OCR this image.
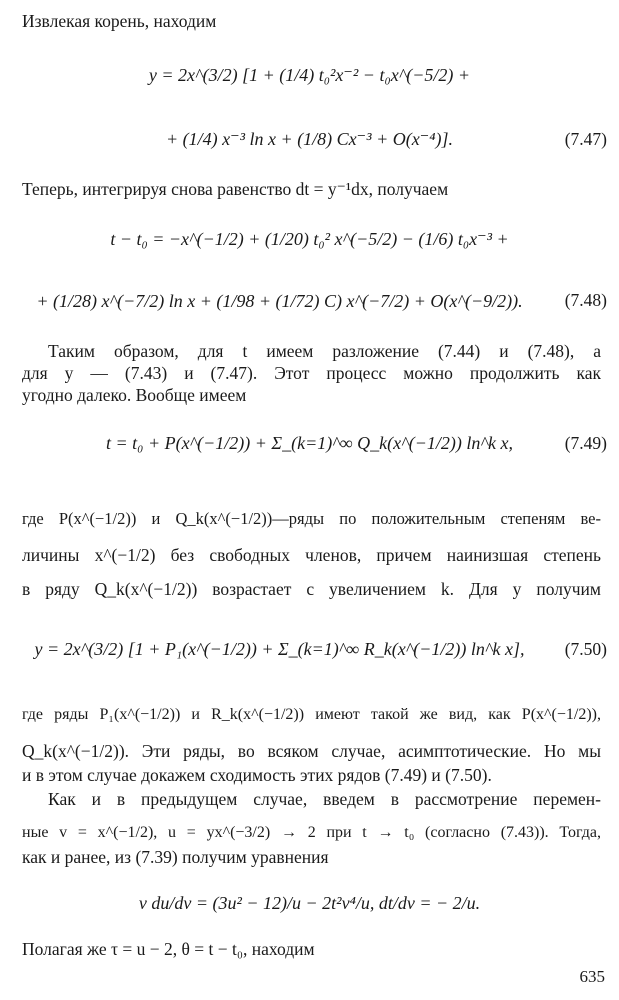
Извлекая корень, находим
y = 2x^(3/2) [1 + (1/4) t₀²x⁻² − t₀x^(−5/2) +
+ (1/4) x⁻³ ln x + (1/8) Cx⁻³ + O(x⁻⁴)].	(7.47)
Теперь, интегрируя снова равенство dt = y⁻¹dx, получаем
t − t₀ = −x^(−1/2) + (1/20) t₀² x^(−5/2) − (1/6) t₀x⁻³ +
+ (1/28) x^(−7/2) ln x + (1/98 + (1/72) C) x^(−7/2) + O(x^(−9/2)).	(7.48)
Таким образом, для t имеем разложение (7.44) и (7.48), а
для y — (7.43) и (7.47). Этот процесс можно продолжить как
угодно далеко. Вообще имеем
t = t₀ + P(x^(−1/2)) + Σ_(k=1)^∞ Q_k(x^(−1/2)) ln^k x,	(7.49)
где P(x^(−1/2)) и Q_k(x^(−1/2))—ряды по положительным степеням ве-
личины x^(−1/2) без свободных членов, причем наинизшая степень
в ряду Q_k(x^(−1/2)) возрастает с увеличением k. Для y получим
y = 2x^(3/2) [1 + P₁(x^(−1/2)) + Σ_(k=1)^∞ R_k(x^(−1/2)) ln^k x],	(7.50)
где ряды P₁(x^(−1/2)) и R_k(x^(−1/2)) имеют такой же вид, как P(x^(−1/2)),
Q_k(x^(−1/2)). Эти ряды, во всяком случае, асимптотические. Но мы
и в этом случае докажем сходимость этих рядов (7.49) и (7.50).
Как и в предыдущем случае, введем в рассмотрение перемен-
ные v = x^(−1/2), u = yx^(−3/2) → 2 при t → t₀ (согласно (7.43)). Тогда,
как и ранее, из (7.39) получим уравнения
v du/dv = (3u² − 12)/u − 2t²v⁴/u, dt/dv = − 2/u.
Полагая же τ = u − 2, θ = t − t₀, находим
635
